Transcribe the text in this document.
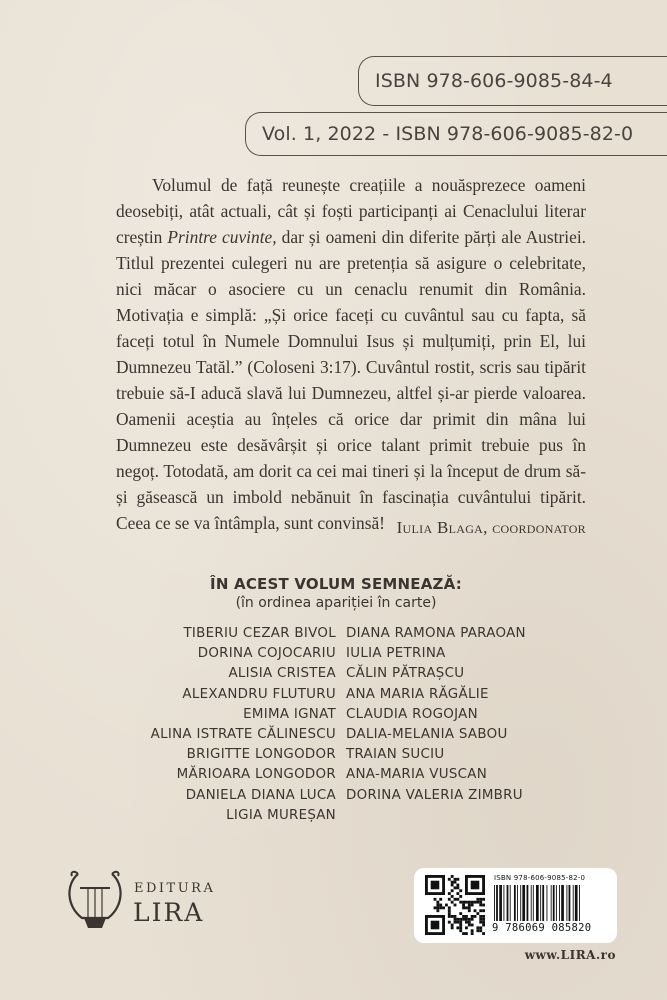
ISBN 978-606-9085-84-4
Vol. 1, 2022 - ISBN 978-606-9085-82-0

Volumul de față reunește creațiile a nouăsprezece oameni deosebiți, atât actuali, cât și foști participanți ai Cenaclului literar creștin Printre cuvinte, dar și oameni din diferite părți ale Austriei. Titlul prezentei culegeri nu are pretenția să asigure o celebritate, nici măcar o asociere cu un cenaclu renumit din România. Motivația e simplă: „Și orice faceți cu cuvântul sau cu fapta, să faceți totul în Numele Domnului Isus și mulțumiți, prin El, lui Dumnezeu Tatăl.” (Coloseni 3:17). Cuvântul rostit, scris sau tipărit trebuie să-I aducă slavă lui Dumnezeu, altfel și-ar pierde valoarea. Oamenii aceștia au înțeles că orice dar primit din mâna lui Dumnezeu este desăvârșit și orice talant primit trebuie pus în negoț. Totodată, am dorit ca cei mai tineri și la început de drum să-și găsească un imbold nebănuit în fascinația cuvântului tipărit. Ceea ce se va întâmpla, sunt convinsă! Iulia Blaga, coordonator
ÎN ACEST VOLUM SEMNEAZĂ:
(în ordinea apariției în carte)
TIBERIU CEZAR BIVOL
DORINA COJOCARIU
ALISIA CRISTEA
ALEXANDRU FLUTURU
EMIMA IGNAT
ALINA ISTRATE CĂLINESCU
BRIGITTE LONGODOR
MĂRIOARA LONGODOR
DANIELA DIANA LUCA
LIGIA MUREȘAN
DIANA RAMONA PARAOAN
IULIA PETRINA
CĂLIN PĂTRAȘCU
ANA MARIA RĂGĂLIE
CLAUDIA ROGOJAN
DALIA-MELANIA SABOU
TRAIAN SUCIU
ANA-MARIA VUSCAN
DORINA VALERIA ZIMBRU
EDITURA
LIRA
ISBN 978-606-9085-82-0
9 786069 085820
www.LIRA.ro
